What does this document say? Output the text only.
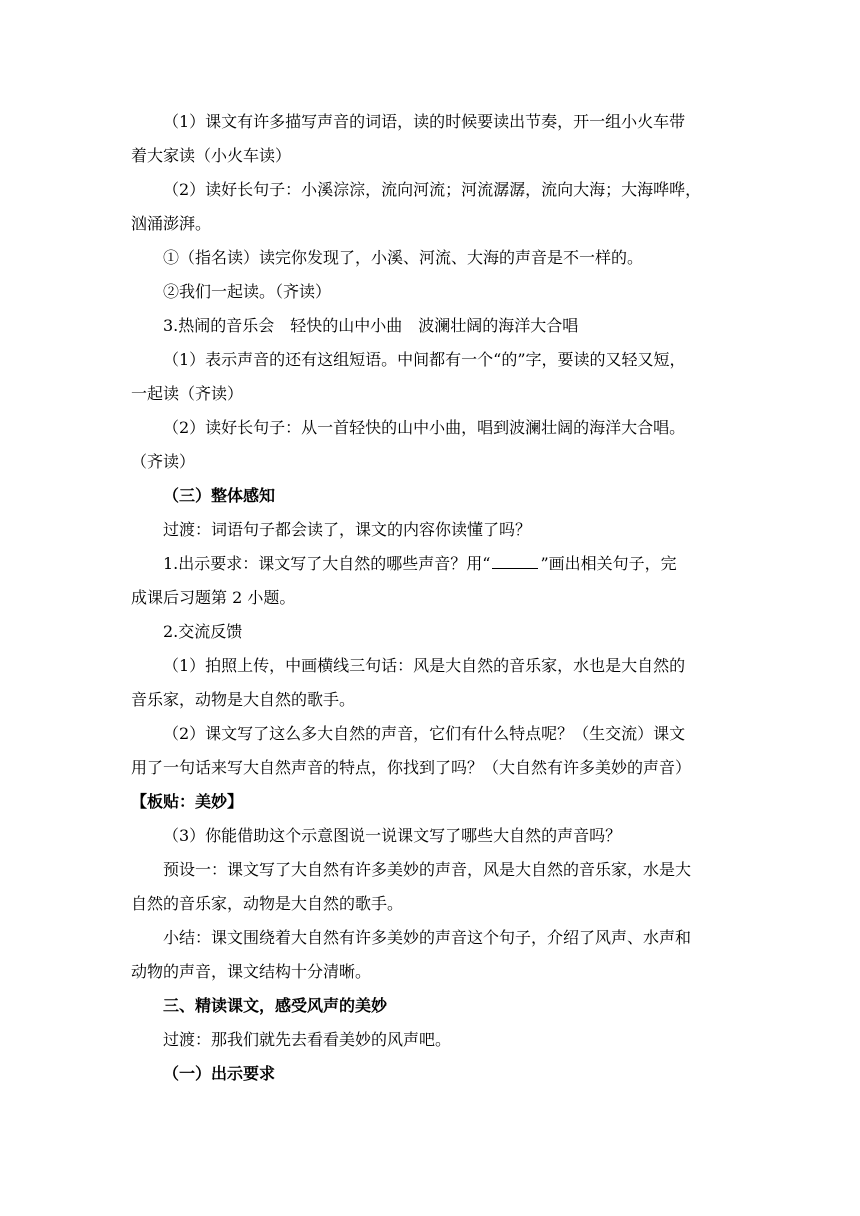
（1）课文有许多描写声音的词语，读的时候要读出节奏，开一组小火车带
着大家读（小火车读）
（2）读好长句子：小溪淙淙，流向河流；河流潺潺，流向大海；大海哗哗，
汹涌澎湃。
①（指名读）读完你发现了，小溪、河流、大海的声音是不一样的。
②我们一起读。（齐读）
3.热闹的音乐会　轻快的山中小曲　波澜壮阔的海洋大合唱
（1）表示声音的还有这组短语。中间都有一个“的”字，要读的又轻又短，
一起读（齐读）
（2）读好长句子：从一首轻快的山中小曲，唱到波澜壮阔的海洋大合唱。
（齐读）
（三）整体感知
过渡：词语句子都会读了，课文的内容你读懂了吗？
1.出示要求：课文写了大自然的哪些声音？用“	”画出相关句子，完
成课后习题第 2 小题。
2.交流反馈
（1）拍照上传，中画横线三句话：风是大自然的音乐家，水也是大自然的
音乐家，动物是大自然的歌手。
（2）课文写了这么多大自然的声音，它们有什么特点呢？（生交流）课文
用了一句话来写大自然声音的特点，你找到了吗？（大自然有许多美妙的声音）
【板贴：美妙】
（3）你能借助这个示意图说一说课文写了哪些大自然的声音吗？
预设一：课文写了大自然有许多美妙的声音，风是大自然的音乐家，水是大
自然的音乐家，动物是大自然的歌手。
小结：课文围绕着大自然有许多美妙的声音这个句子，介绍了风声、水声和
动物的声音，课文结构十分清晰。
三、精读课文，感受风声的美妙
过渡：那我们就先去看看美妙的风声吧。
（一）出示要求
